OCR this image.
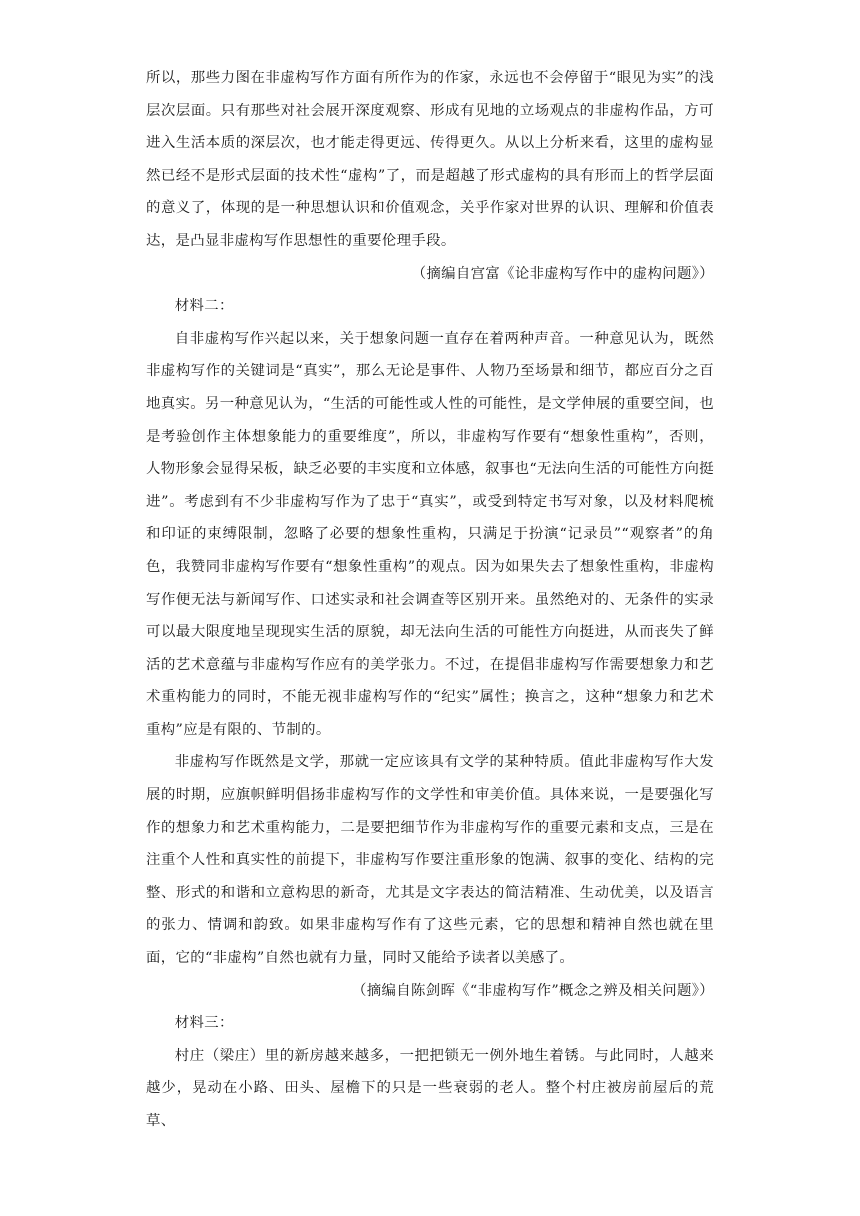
所以，那些力图在非虚构写作方面有所作为的作家，永远也不会停留于“眼见为实”的浅层次层面。只有那些对社会展开深度观察、形成有见地的立场观点的非虚构作品，方可进入生活本质的深层次，也才能走得更远、传得更久。从以上分析来看，这里的虚构显然已经不是形式层面的技术性“虚构”了，而是超越了形式虚构的具有形而上的哲学层面的意义了，体现的是一种思想认识和价值观念，关乎作家对世界的认识、理解和价值表达，是凸显非虚构写作思想性的重要伦理手段。

（摘编自宫富《论非虚构写作中的虚构问题》）

材料二：

自非虚构写作兴起以来，关于想象问题一直存在着两种声音。一种意见认为，既然非虚构写作的关键词是“真实”，那么无论是事件、人物乃至场景和细节，都应百分之百地真实。另一种意见认为，“生活的可能性或人性的可能性，是文学伸展的重要空间，也是考验创作主体想象能力的重要维度”，所以，非虚构写作要有“想象性重构”，否则，人物形象会显得呆板，缺乏必要的丰实度和立体感，叙事也“无法向生活的可能性方向挺进”。考虑到有不少非虚构写作为了忠于“真实”，或受到特定书写对象，以及材料爬梳和印证的束缚限制，忽略了必要的想象性重构，只满足于扮演“记录员”“观察者”的角色，我赞同非虚构写作要有“想象性重构”的观点。因为如果失去了想象性重构，非虚构写作便无法与新闻写作、口述实录和社会调查等区别开来。虽然绝对的、无条件的实录可以最大限度地呈现现实生活的原貌，却无法向生活的可能性方向挺进，从而丧失了鲜活的艺术意蕴与非虚构写作应有的美学张力。不过，在提倡非虚构写作需要想象力和艺术重构能力的同时，不能无视非虚构写作的“纪实”属性；换言之，这种“想象力和艺术重构”应是有限的、节制的。

非虚构写作既然是文学，那就一定应该具有文学的某种特质。值此非虚构写作大发展的时期，应旗帜鲜明倡扬非虚构写作的文学性和审美价值。具体来说，一是要强化写作的想象力和艺术重构能力，二是要把细节作为非虚构写作的重要元素和支点，三是在注重个人性和真实性的前提下，非虚构写作要注重形象的饱满、叙事的变化、结构的完整、形式的和谐和立意构思的新奇，尤其是文字表达的简洁精准、生动优美，以及语言的张力、情调和韵致。如果非虚构写作有了这些元素，它的思想和精神自然也就在里面，它的“非虚构”自然也就有力量，同时又能给予读者以美感了。

（摘编自陈剑晖《“非虚构写作”概念之辨及相关问题》）

材料三：

村庄（梁庄）里的新房越来越多，一把把锁无一例外地生着锈。与此同时，人越来越少，晃动在小路、田头、屋檐下的只是一些衰弱的老人。整个村庄被房前屋后的荒草、
